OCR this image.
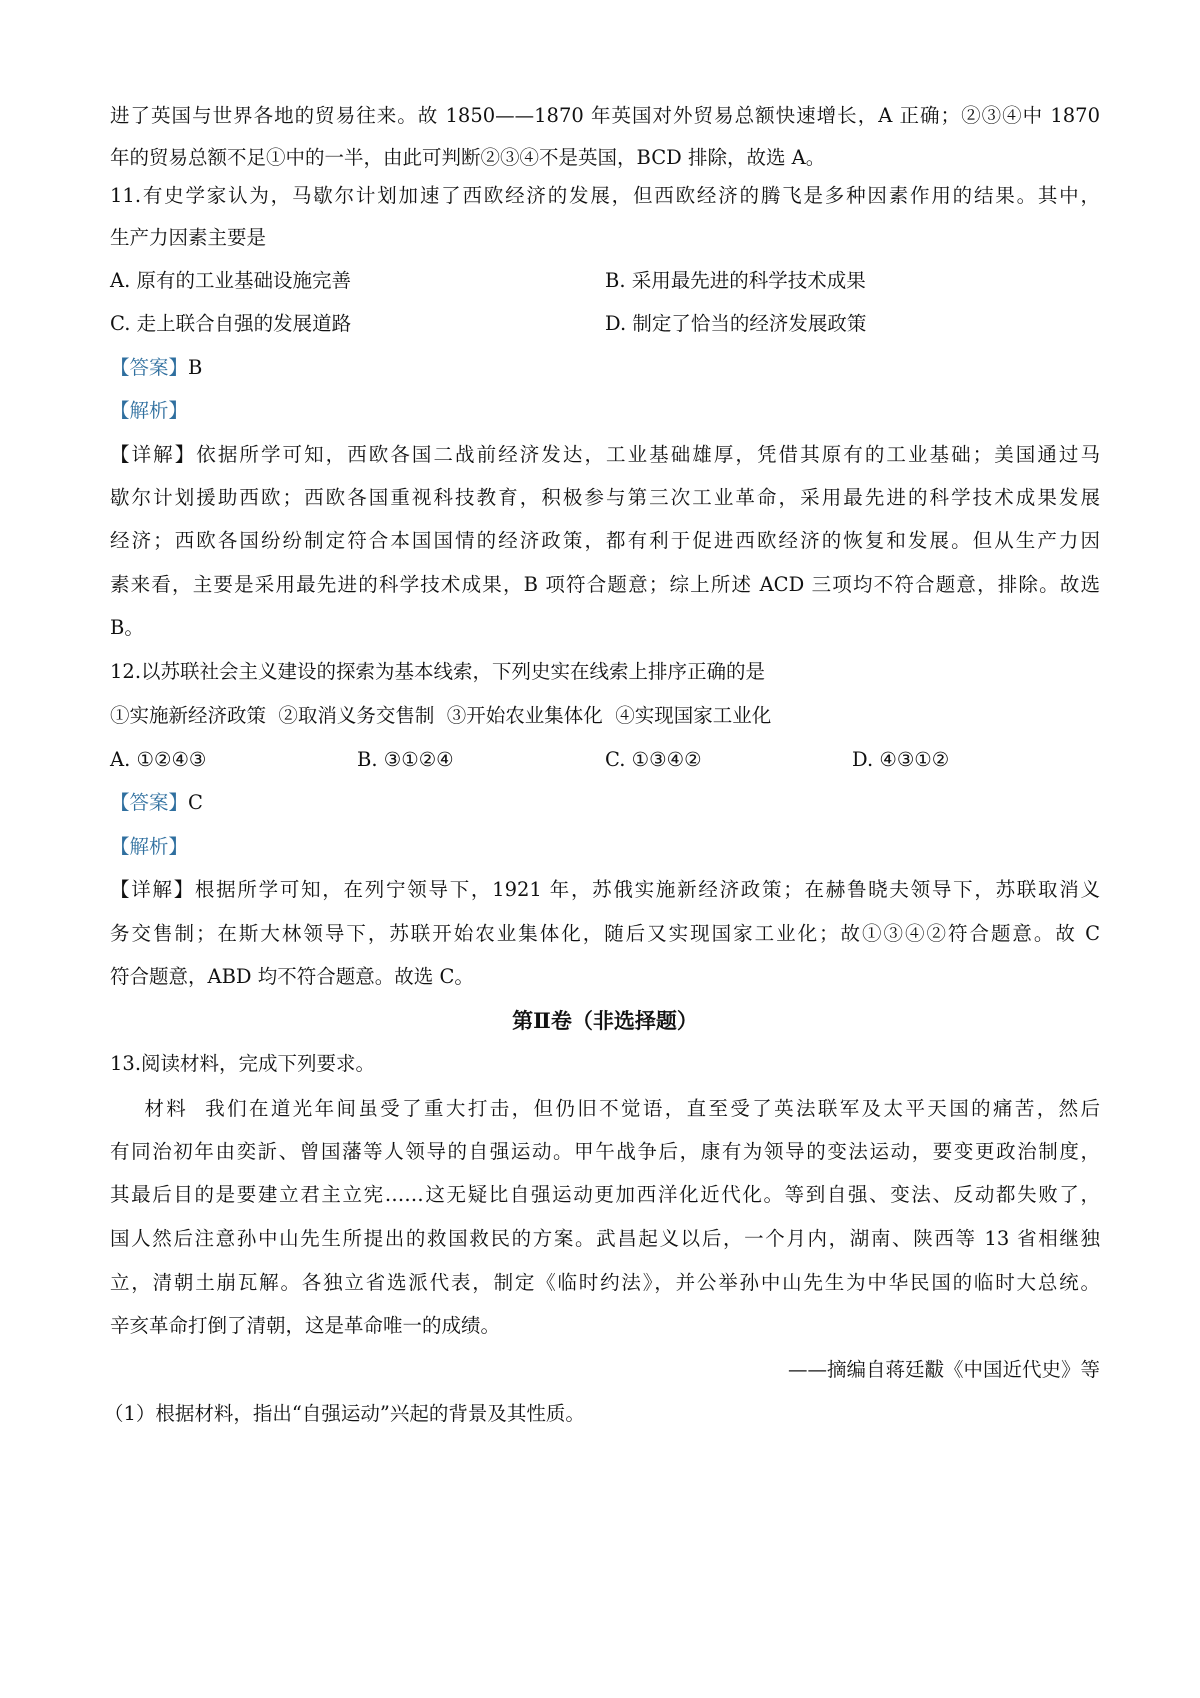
进了英国与世界各地的贸易往来。故 1850——1870 年英国对外贸易总额快速增长，A 正确；②③④中 1870
年的贸易总额不足①中的一半，由此可判断②③④不是英国，BCD 排除，故选 A。
11.有史学家认为，马歇尔计划加速了西欧经济的发展，但西欧经济的腾飞是多种因素作用的结果。其中，
生产力因素主要是
A. 原有的工业基础设施完善	B. 采用最先进的科学技术成果
C. 走上联合自强的发展道路	D. 制定了恰当的经济发展政策
【答案】B
【解析】
【详解】依据所学可知，西欧各国二战前经济发达，工业基础雄厚，凭借其原有的工业基础；美国通过马
歇尔计划援助西欧；西欧各国重视科技教育，积极参与第三次工业革命，采用最先进的科学技术成果发展
经济；西欧各国纷纷制定符合本国国情的经济政策，都有利于促进西欧经济的恢复和发展。但从生产力因
素来看，主要是采用最先进的科学技术成果，B 项符合题意；综上所述 ACD 三项均不符合题意，排除。故选
B。
12.以苏联社会主义建设的探索为基本线索，下列史实在线索上排序正确的是
①实施新经济政策  ②取消义务交售制  ③开始农业集体化  ④实现国家工业化
A. ①②④③	B. ③①②④	C. ①③④②	D. ④③①②
【答案】C
【解析】
【详解】根据所学可知，在列宁领导下，1921 年，苏俄实施新经济政策；在赫鲁晓夫领导下，苏联取消义
务交售制；在斯大林领导下，苏联开始农业集体化，随后又实现国家工业化；故①③④②符合题意。故 C
符合题意，ABD 均不符合题意。故选 C。
第Ⅱ卷（非选择题）
13.阅读材料，完成下列要求。
材料  我们在道光年间虽受了重大打击，但仍旧不觉语，直至受了英法联军及太平天国的痛苦，然后
有同治初年由奕訢、曾国藩等人领导的自强运动。甲午战争后，康有为领导的变法运动，要变更政治制度，
其最后目的是要建立君主立宪……这无疑比自强运动更加西洋化近代化。等到自强、变法、反动都失败了，
国人然后注意孙中山先生所提出的救国救民的方案。武昌起义以后，一个月内，湖南、陕西等 13 省相继独
立，清朝土崩瓦解。各独立省选派代表，制定《临时约法》，并公举孙中山先生为中华民国的临时大总统。
辛亥革命打倒了清朝，这是革命唯一的成绩。
——摘编自蒋廷黻《中国近代史》等
（1）根据材料，指出“自强运动”兴起的背景及其性质。
